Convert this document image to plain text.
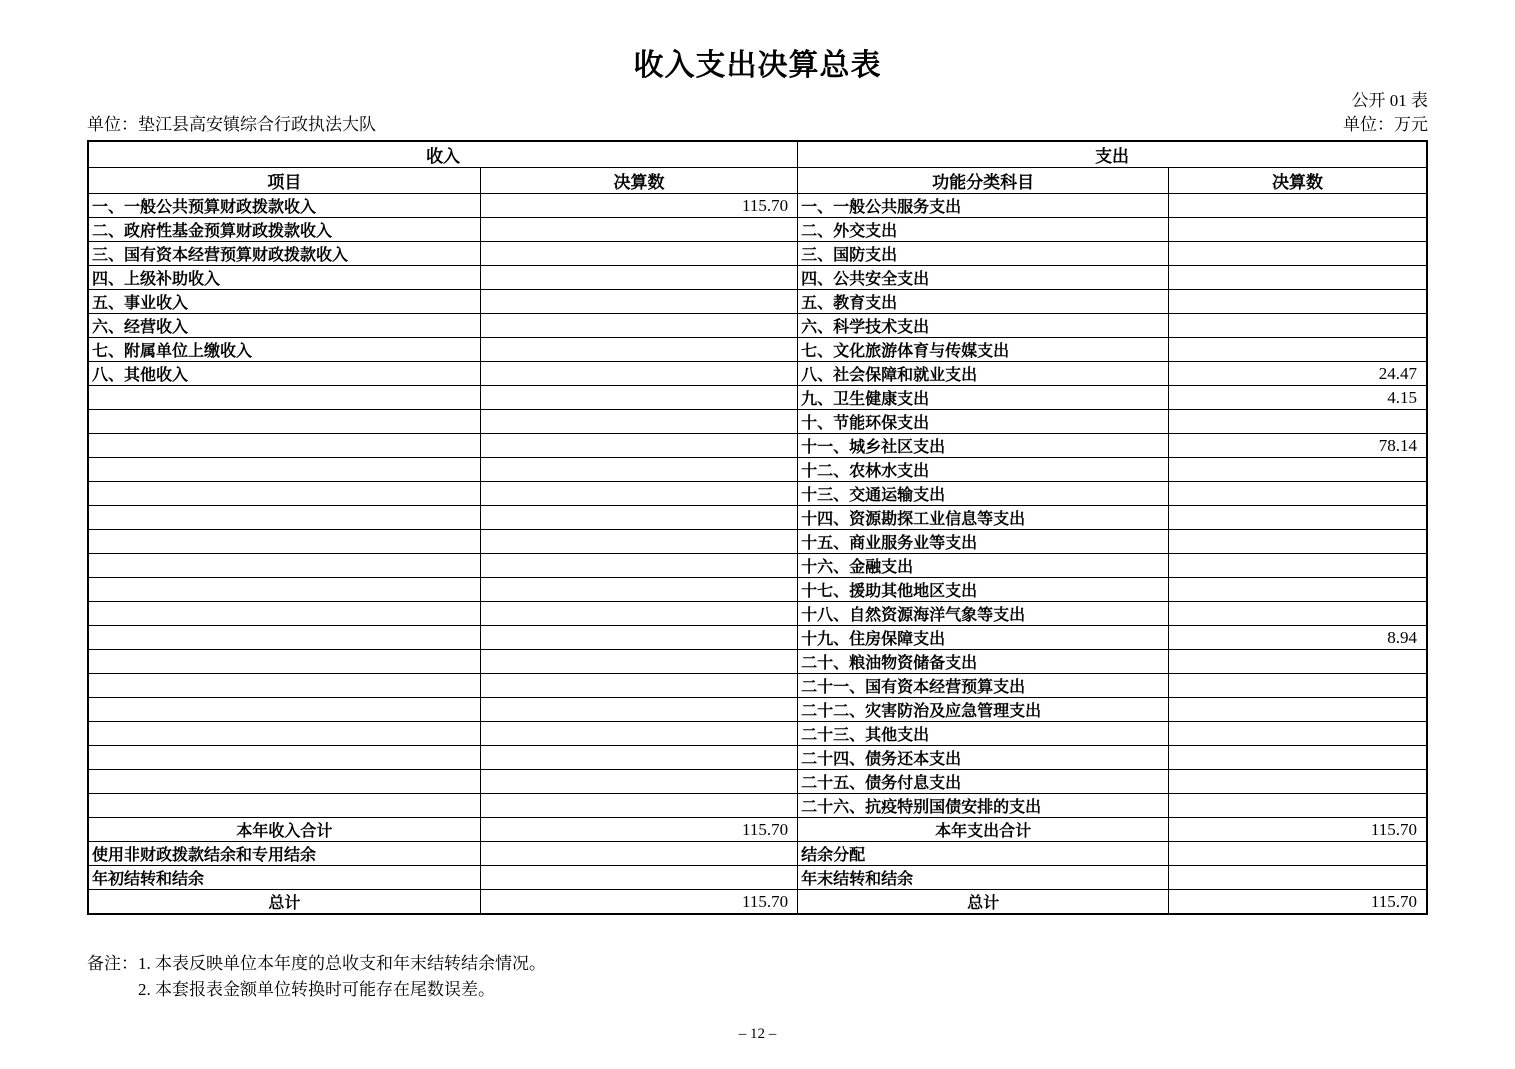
收入支出决算总表
公开 01 表
单位：垫江县高安镇综合行政执法大队	单位：万元
收入		支出	
项目	决算数	功能分类科目	决算数
一、一般公共预算财政拨款收入	115.70	一、一般公共服务支出	
二、政府性基金预算财政拨款收入		二、外交支出	
三、国有资本经营预算财政拨款收入		三、国防支出	
四、上级补助收入		四、公共安全支出	
五、事业收入		五、教育支出	
六、经营收入		六、科学技术支出	
七、附属单位上缴收入		七、文化旅游体育与传媒支出	
八、其他收入		八、社会保障和就业支出	24.47
		九、卫生健康支出	4.15
		十、节能环保支出	
		十一、城乡社区支出	78.14
		十二、农林水支出	
		十三、交通运输支出	
		十四、资源勘探工业信息等支出	
		十五、商业服务业等支出	
		十六、金融支出	
		十七、援助其他地区支出	
		十八、自然资源海洋气象等支出	
		十九、住房保障支出	8.94
		二十、粮油物资储备支出	
		二十一、国有资本经营预算支出	
		二十二、灾害防治及应急管理支出	
		二十三、其他支出	
		二十四、债务还本支出	
		二十五、债务付息支出	
		二十六、抗疫特别国债安排的支出	
本年收入合计	115.70	本年支出合计	115.70
使用非财政拨款结余和专用结余		结余分配	
年初结转和结余		年末结转和结余	
总计	115.70	总计	115.70
备注： 1. 本表反映单位本年度的总收支和年末结转结余情况。
2. 本套报表金额单位转换时可能存在尾数误差。
– 12 –
